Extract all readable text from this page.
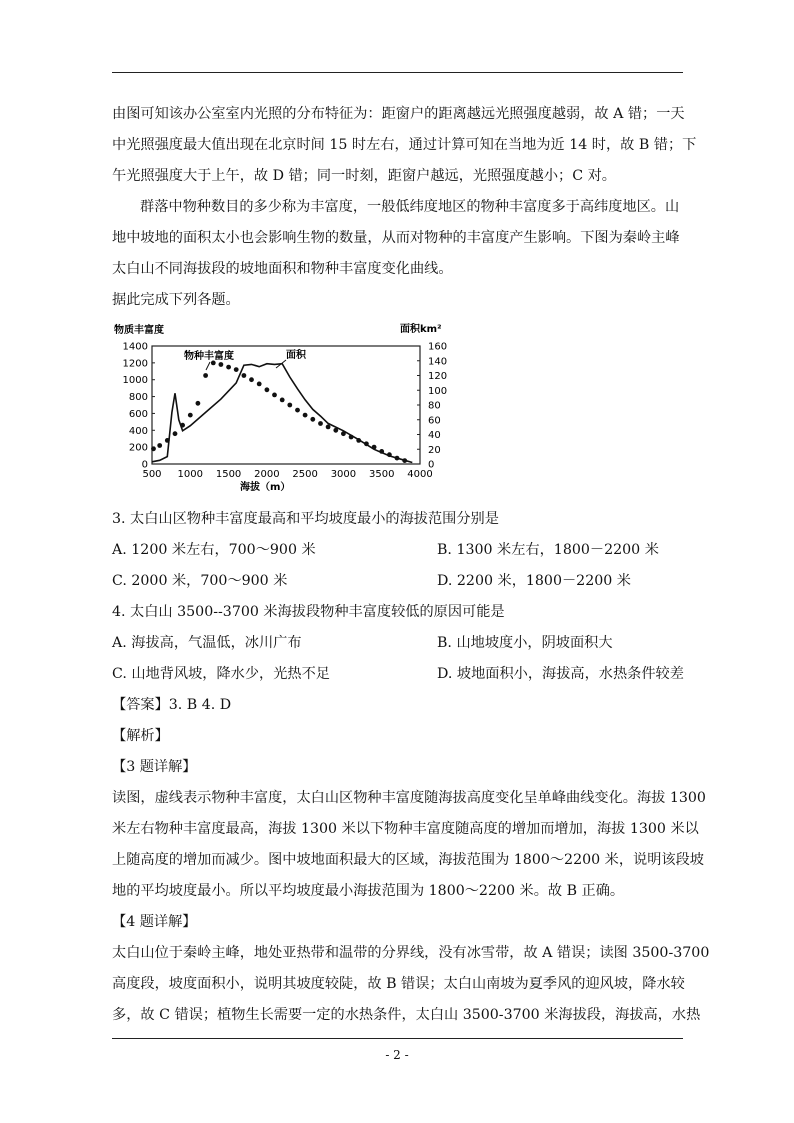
由图可知该办公室室内光照的分布特征为：距窗户的距离越远光照强度越弱，故 A 错；一天
中光照强度最大值出现在北京时间 15 时左右，通过计算可知在当地为近 14 时，故 B 错；下
午光照强度大于上午，故 D 错；同一时刻，距窗户越远，光照强度越小；C 对。
群落中物种数目的多少称为丰富度，一般低纬度地区的物种丰富度多于高纬度地区。山
地中坡地的面积太小也会影响生物的数量，从而对物种的丰富度产生影响。下图为秦岭主峰
太白山不同海拔段的坡地面积和物种丰富度变化曲线。
据此完成下列各题。
物质丰富度	面积km²
0
200
400
600
800
1000
1200
1400
0
20
40
60
80
100
120
140
160
500 1000 1500 2000 2500 3000 3500 4000
物种丰富度	面积
海拔（m）
3. 太白山区物种丰富度最高和平均坡度最小的海拔范围分别是
A. 1200 米左右，700～900 米	B. 1300 米左右，1800－2200 米
C. 2000 米，700～900 米	D. 2200 米，1800－2200 米
4. 太白山 3500--3700 米海拔段物种丰富度较低的原因可能是
A. 海拔高，气温低，冰川广布	B. 山地坡度小，阴坡面积大
C. 山地背风坡，降水少，光热不足	D. 坡地面积小，海拔高，水热条件较差
【答案】3. B 4. D
【解析】
【3 题详解】
读图，虚线表示物种丰富度，太白山区物种丰富度随海拔高度变化呈单峰曲线变化。海拔 1300
米左右物种丰富度最高，海拔 1300 米以下物种丰富度随高度的增加而增加，海拔 1300 米以
上随高度的增加而减少。图中坡地面积最大的区域，海拔范围为 1800～2200 米，说明该段坡
地的平均坡度最小。所以平均坡度最小海拔范围为 1800～2200 米。故 B 正确。
【4 题详解】
太白山位于秦岭主峰，地处亚热带和温带的分界线，没有冰雪带，故 A 错误；读图 3500-3700
高度段，坡度面积小，说明其坡度较陡，故 B 错误；太白山南坡为夏季风的迎风坡，降水较
多，故 C 错误；植物生长需要一定的水热条件，太白山 3500-3700 米海拔段，海拔高，水热
- 2 -
